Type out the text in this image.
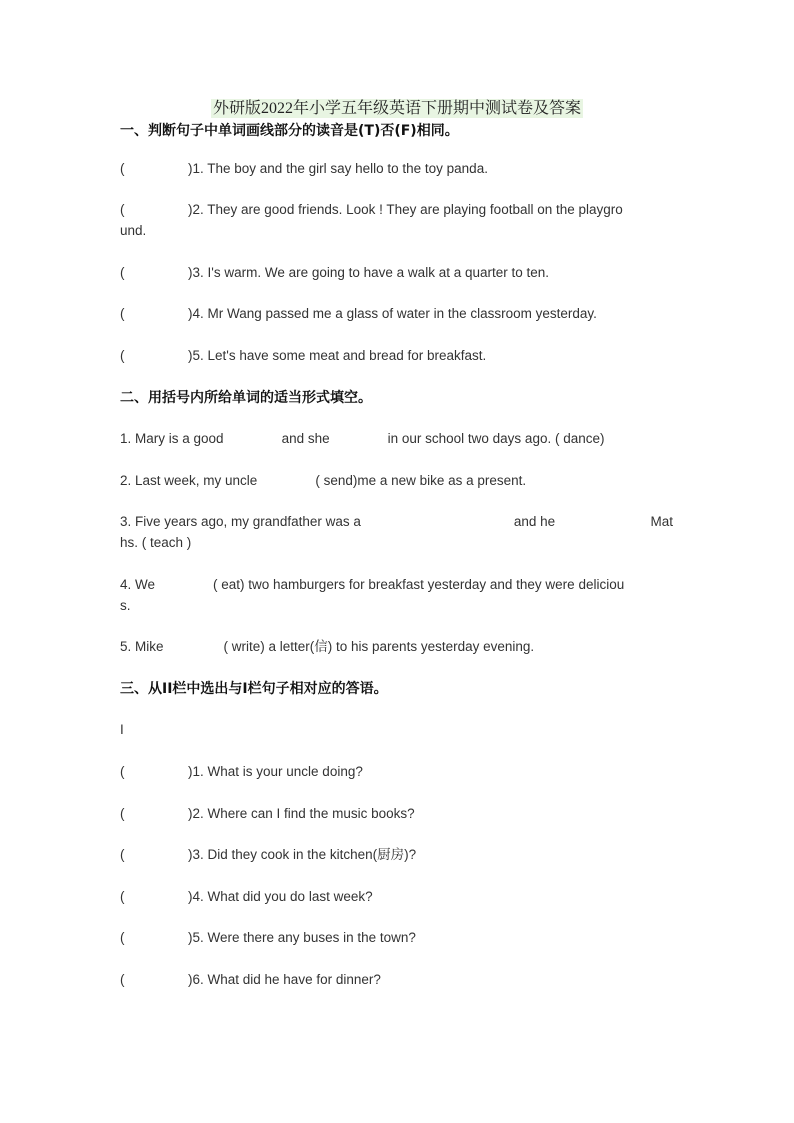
外研版2022年小学五年级英语下册期中测试卷及答案
一、判断句子中单词画线部分的读音是(T)否(F)相同。
(	)1. The boy and the girl say hello to the toy panda.
(	)2. They are good friends. Look ! They are playing football on the playgro
und.
(	)3. I's warm. We are going to have a walk at a quarter to ten.
(	)4. Mr Wang passed me a glass of water in the classroom yesterday.
(	)5. Let's have some meat and bread for breakfast.
二、用括号内所给单词的适当形式填空。
1. Mary is a good	and she	in our school two days ago. ( dance)
2. Last week, my uncle	( send)me a new bike as a present.
3. Five years ago, my grandfather was a	and he	Mat
hs. ( teach )
4. We	( eat) two hamburgers for breakfast yesterday and they were deliciou
s.
5. Mike	( write) a letter(信) to his parents yesterday evening.
三、从II栏中选出与I栏句子相对应的答语。
I
(	)1. What is your uncle doing?
(	)2. Where can I find the music books?
(	)3. Did they cook in the kitchen(厨房)?
(	)4. What did you do last week?
(	)5. Were there any buses in the town?
(	)6. What did he have for dinner?
